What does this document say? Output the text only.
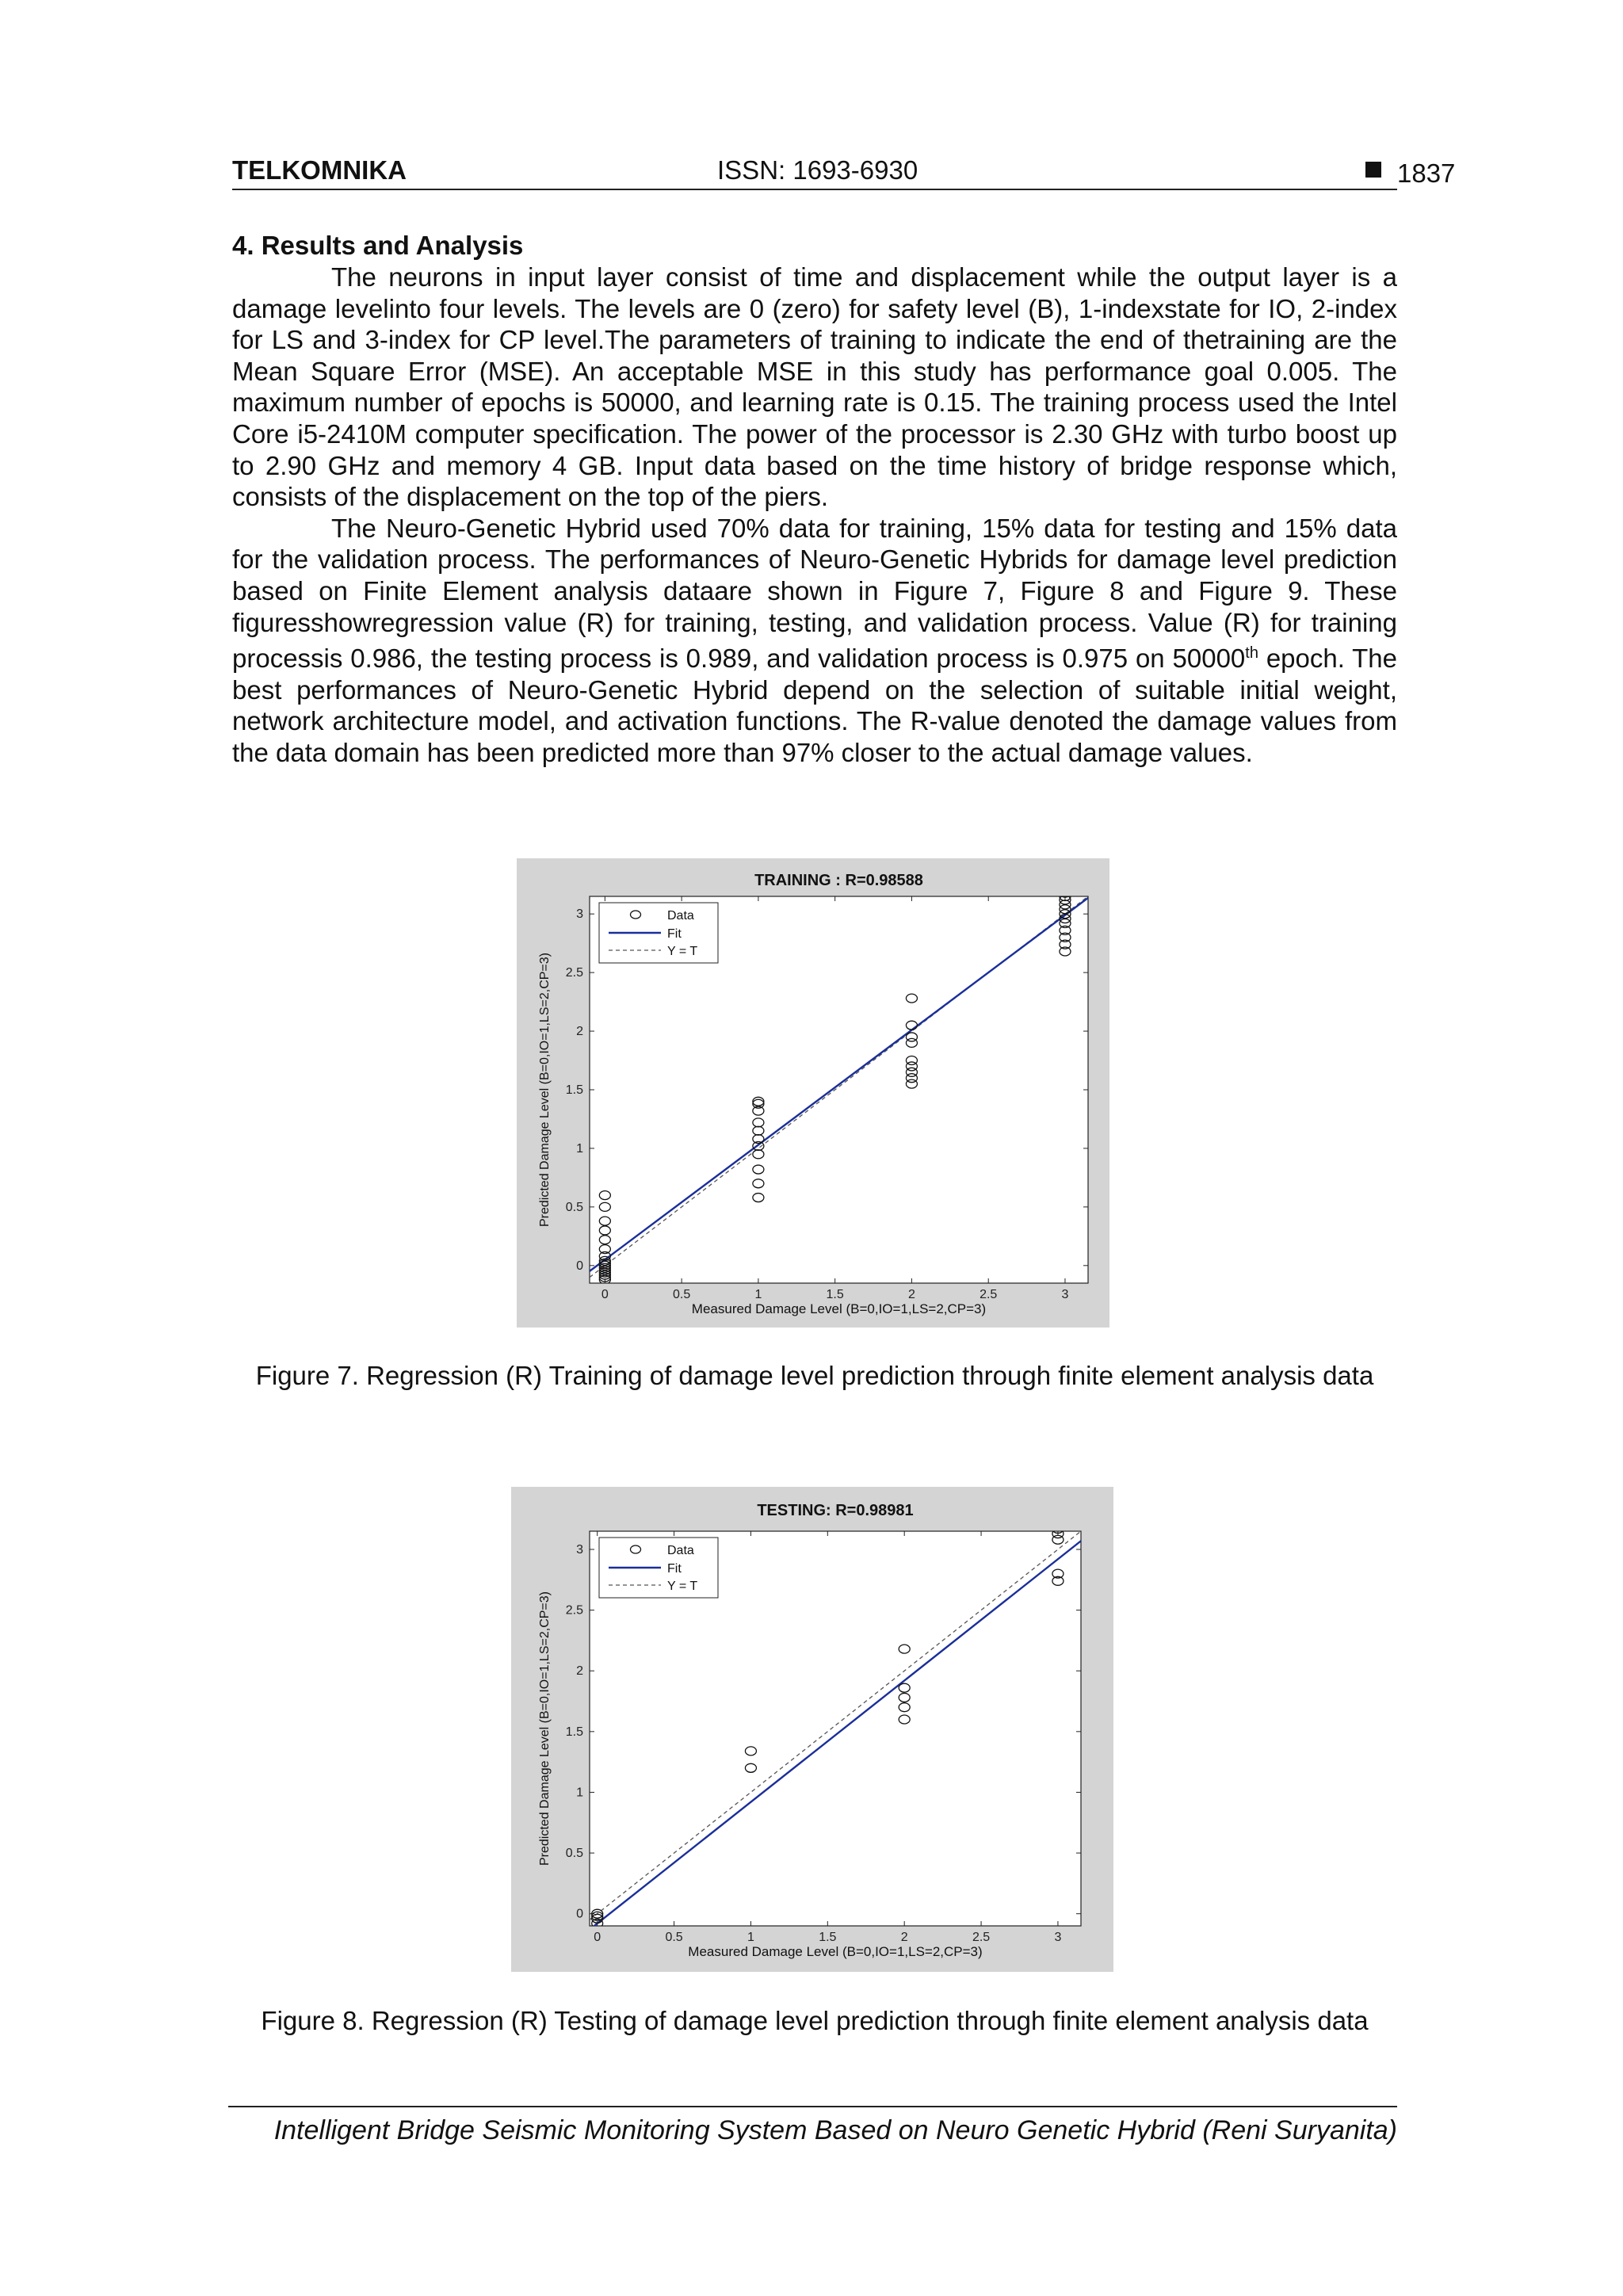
TELKOMNIKA	ISSN: 1693-6930	1837
4. Results and Analysis

The neurons in input layer consist of time and displacement while the output layer is a damage levelinto four levels. The levels are 0 (zero) for safety level (B), 1-indexstate for IO, 2-index for LS and 3-index for CP level.The parameters of training to indicate the end of thetraining are the Mean Square Error (MSE). An acceptable MSE in this study has performance goal 0.005. The maximum number of epochs is 50000, and learning rate is 0.15. The training process used the Intel Core i5-2410M computer specification. The power of the processor is 2.30 GHz with turbo boost up to 2.90 GHz and memory 4 GB. Input data based on the time history of bridge response which, consists of the displacement on the top of the piers.

The Neuro-Genetic Hybrid used 70% data for training, 15% data for testing and 15% data for the validation process. The performances of Neuro-Genetic Hybrids for damage level prediction based on Finite Element analysis dataare shown in Figure 7, Figure 8 and Figure 9. These figuresshowregression value (R) for training, testing, and validation process. Value (R) for training processis 0.986, the testing process is 0.989, and validation process is 0.975 on 50000th epoch. The best performances of Neuro-Genetic Hybrid depend on the selection of suitable initial weight, network architecture model, and activation functions. The R-value denoted the damage values from the data domain has been predicted more than 97% closer to the actual damage values.

TRAINING : R=0.98588
0	0.5	1	1.5	2	2.5	3
0
0.5
1
1.5
2
2.5
3
Measured Damage Level (B=0,IO=1,LS=2,CP=3)
Predicted Damage Level (B=0,IO=1,LS=2,CP=3)
Data
Fit
Y = T
Figure 7. Regression (R) Training of damage level prediction through finite element analysis data
TESTING: R=0.98981
0	0.5	1	1.5	2	2.5	3
0
0.5
1
1.5
2
2.5
3
Measured Damage Level (B=0,IO=1,LS=2,CP=3)
Predicted Damage Level (B=0,IO=1,LS=2,CP=3)
Data
Fit
Y = T
Figure 8. Regression (R) Testing of damage level prediction through finite element analysis data
Intelligent Bridge Seismic Monitoring System Based on Neuro Genetic Hybrid (Reni Suryanita)
